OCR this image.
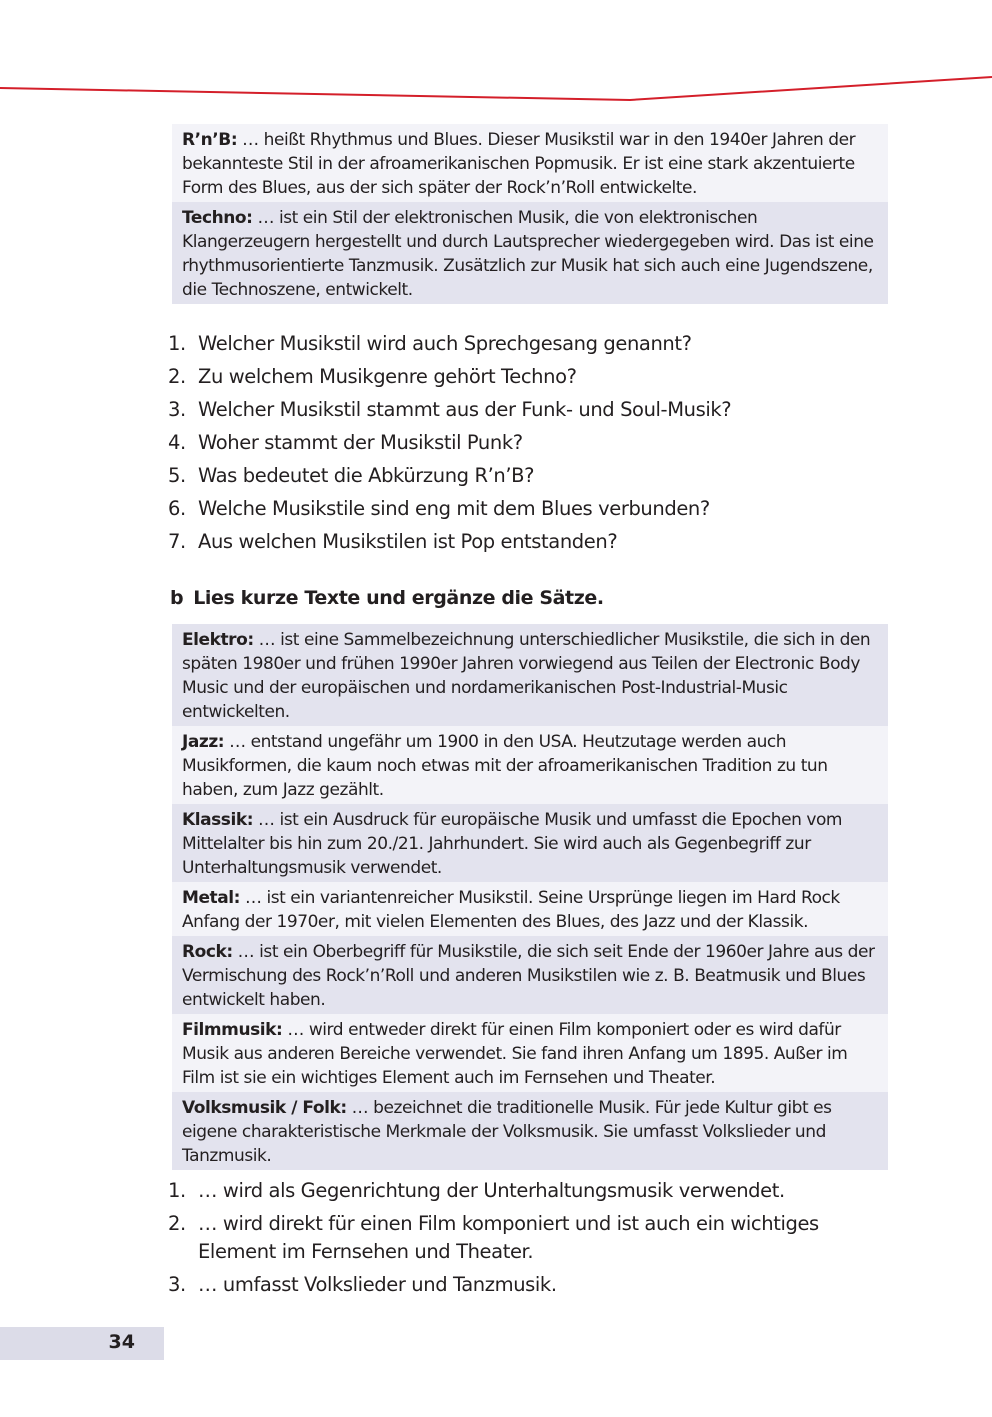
R’n’B: … heißt Rhythmus und Blues. Dieser Musikstil war in den 1940er Jahren der bekannteste Stil in der afroamerikanischen Popmusik. Er ist eine stark akzentuierte Form des Blues, aus der sich später der Rock’n’Roll entwickelte.
Techno: … ist ein Stil der elektronischen Musik, die von elektronischen Klangerzeugern hergestellt und durch Lautsprecher wiedergegeben wird. Das ist eine rhythmusorientierte Tanzmusik. Zusätzlich zur Musik hat sich auch eine Jugendszene, die Technoszene, entwickelt.
1. Welcher Musikstil wird auch Sprechgesang genannt?
2. Zu welchem Musikgenre gehört Techno?
3. Welcher Musikstil stammt aus der Funk- und Soul-Musik?
4. Woher stammt der Musikstil Punk?
5. Was bedeutet die Abkürzung R’n’B?
6. Welche Musikstile sind eng mit dem Blues verbunden?
7. Aus welchen Musikstilen ist Pop entstanden?
b Lies kurze Texte und ergänze die Sätze.
Elektro: … ist eine Sammelbezeichnung unterschiedlicher Musikstile, die sich in den späten 1980er und frühen 1990er Jahren vorwiegend aus Teilen der Electronic Body Music und der europäischen und nordamerikanischen Post-Industrial-Music entwickelten.
Jazz: … entstand ungefähr um 1900 in den USA. Heutzutage werden auch Musikformen, die kaum noch etwas mit der afroamerikanischen Tradition zu tun haben, zum Jazz gezählt.
Klassik: … ist ein Ausdruck für europäische Musik und umfasst die Epochen vom Mittelalter bis hin zum 20./21. Jahrhundert. Sie wird auch als Gegenbegriff zur Unterhaltungsmusik verwendet.
Metal: … ist ein variantenreicher Musikstil. Seine Ursprünge liegen im Hard Rock Anfang der 1970er, mit vielen Elementen des Blues, des Jazz und der Klassik.
Rock: … ist ein Oberbegriff für Musikstile, die sich seit Ende der 1960er Jahre aus der Vermischung des Rock’n’Roll und anderen Musikstilen wie z. B. Beatmusik und Blues entwickelt haben.
Filmmusik: … wird entweder direkt für einen Film komponiert oder es wird dafür Musik aus anderen Bereiche verwendet. Sie fand ihren Anfang um 1895. Außer im Film ist sie ein wichtiges Element auch im Fernsehen und Theater.
Volksmusik / Folk: … bezeichnet die traditionelle Musik. Für jede Kultur gibt es eigene charakteristische Merkmale der Volksmusik. Sie umfasst Volkslieder und Tanzmusik.
1. … wird als Gegenrichtung der Unterhaltungsmusik verwendet.
2. … wird direkt für einen Film komponiert und ist auch ein wichtiges Element im Fernsehen und Theater.
3. … umfasst Volkslieder und Tanzmusik.
34
